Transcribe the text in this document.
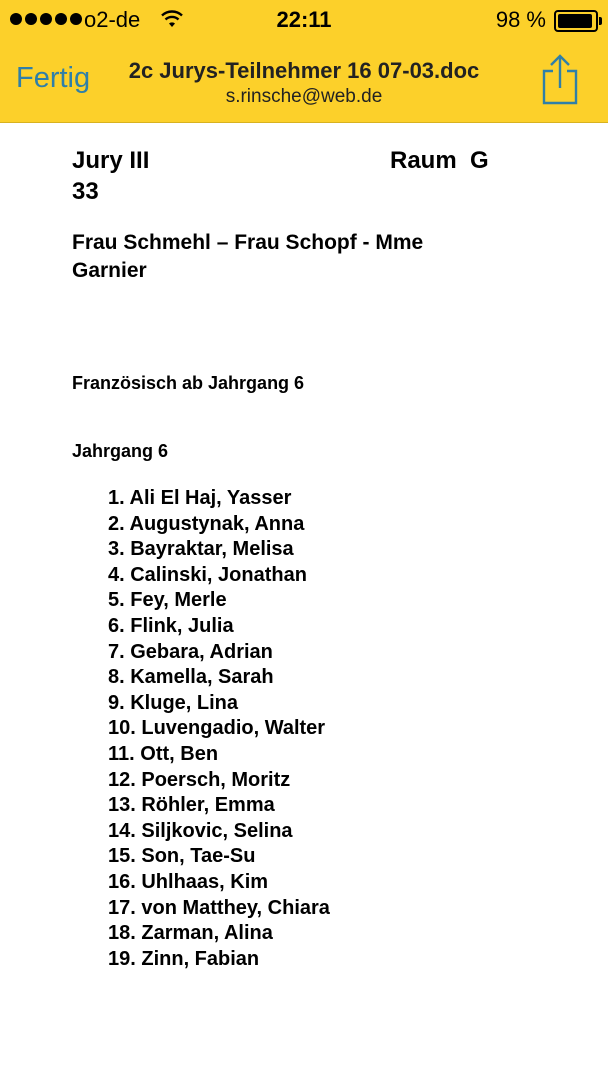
o2-de	22:11	98 %
Fertig	2c Jurys-Teilnehmer 16 07-03.doc
s.rinsche@web.de
Jury III	Raum  G
33
Frau Schmehl – Frau Schopf - Mme
Garnier
Französisch ab Jahrgang 6
Jahrgang 6
1. Ali El Haj, Yasser
2. Augustynak, Anna
3. Bayraktar, Melisa
4. Calinski, Jonathan
5. Fey, Merle
6. Flink, Julia
7. Gebara, Adrian
8. Kamella, Sarah
9. Kluge, Lina
10. Luvengadio, Walter
11. Ott, Ben
12. Poersch, Moritz
13. Röhler, Emma
14. Siljkovic, Selina
15. Son, Tae-Su
16. Uhlhaas, Kim
17. von Matthey, Chiara
18. Zarman, Alina
19. Zinn, Fabian
